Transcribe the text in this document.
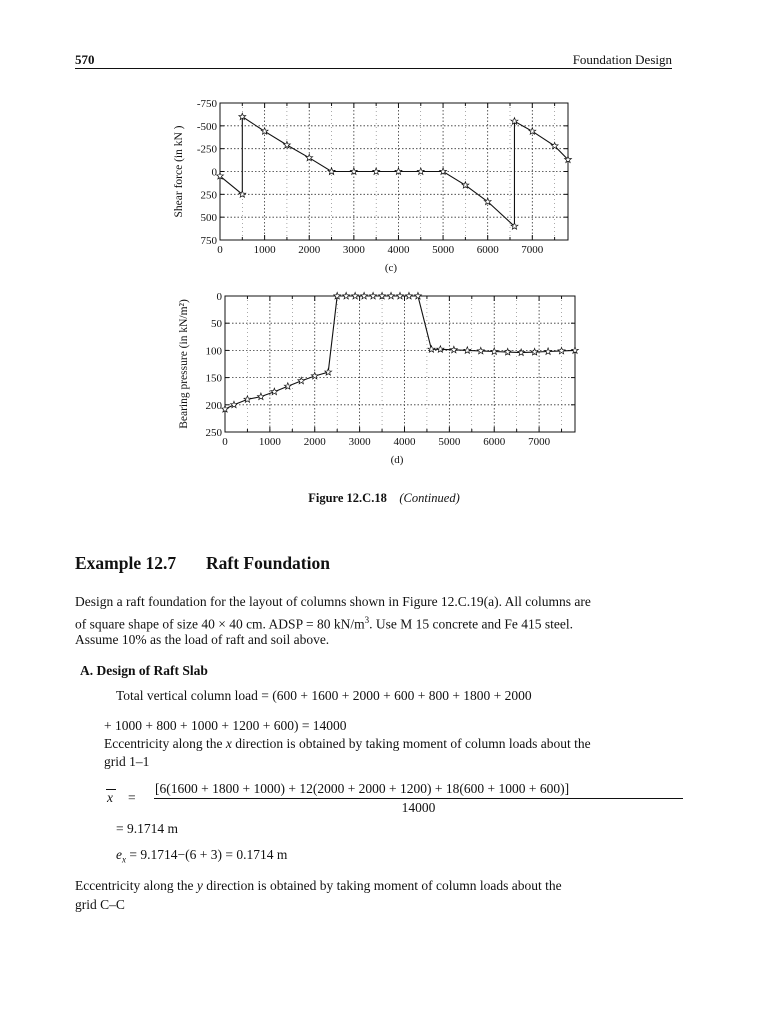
570	Foundation Design
0	1000 2000 3000 4000 5000 6000 7000
-750
-500
-250
0
250
500
750
Shear force (in kN )
(c)
0	1000 2000 3000 4000 5000 6000 7000
0
50
100
150
200
250
Bearing pressure (in kN/m²)
(d)
Figure 12.C.18 (Continued)
Example 12.7 Raft Foundation
Design a raft foundation for the layout of columns shown in Figure 12.C.19(a). All columns are
of square shape of size 40 × 40 cm. ADSP = 80 $kN/m^3$. Use M 15 concrete and Fe 415 steel.
Assume 10% as the load of raft and soil above.
A. Design of Raft Slab
Total vertical column load = (600 + 1600 + 2000 + 600 + 800 + 1800 + 2000
+ 1000 + 800 + 1000 + 1200 + 600) = 14000
Eccentricity along the x direction is obtained by taking moment of column loads about the
grid 1–1
x =
[6(1600 + 1800 + 1000) + 12(2000 + 2000 + 1200) + 18(600 + 1000 + 600)]
14000
= 9.1714 m
$e_x = 9.1714-(6 + 3) = 0.1714$ m
Eccentricity along the y direction is obtained by taking moment of column loads about the
grid C–C
